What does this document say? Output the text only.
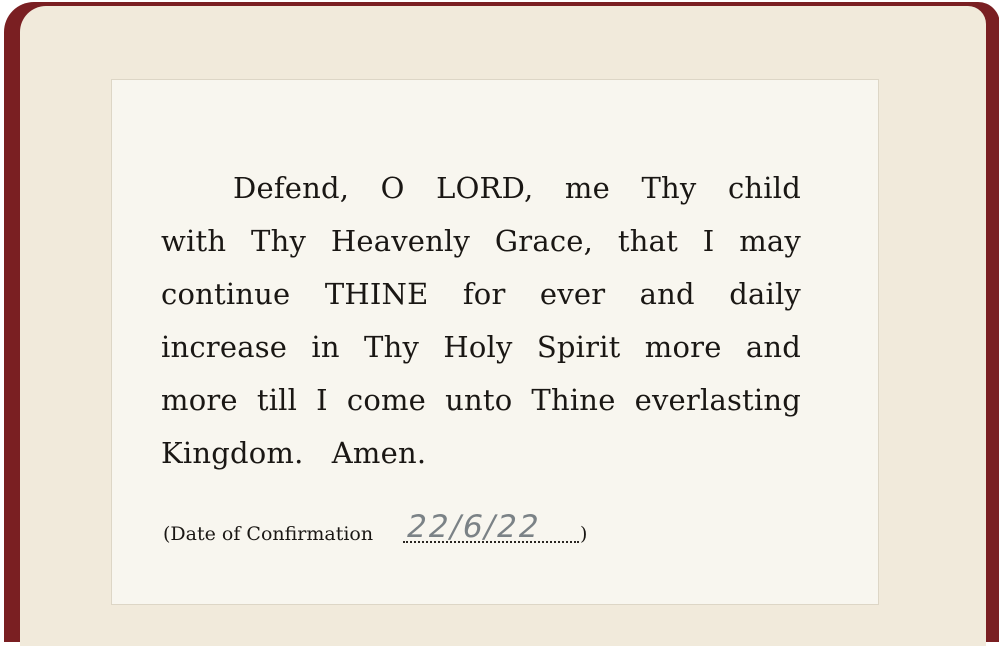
Defend, O LORD, me Thy child
with Thy Heavenly Grace, that I may
continue THINE for ever and daily
increase in Thy Holy Spirit more and
more till I come unto Thine everlasting
Kingdom.   Amen.
(Date of Confirmation 22/6/22 )
